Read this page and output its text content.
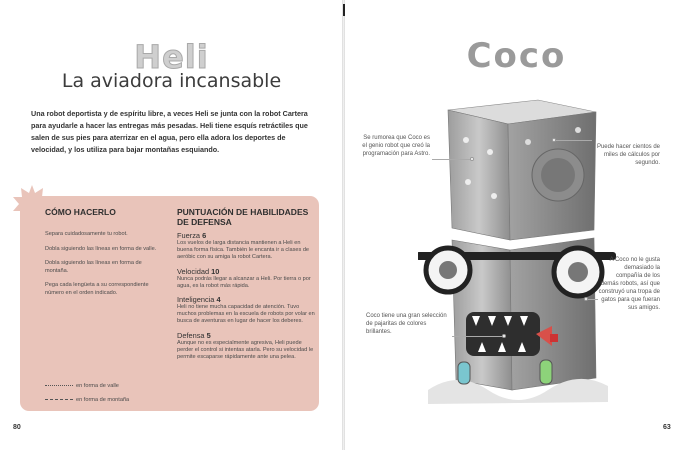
Heli
La aviadora incansable
Una robot deportista y de espíritu libre, a veces Heli se junta con la robot Cartera para ayudarle a hacer las entregas más pesadas. Heli tiene esquís retráctiles que salen de sus pies para aterrizar en el agua, pero ella adora los deportes de velocidad, y los utiliza para bajar montañas esquiando.
CÓMO HACERLO
Separa cuidadosamente tu robot.
Dobla siguiendo las líneas en forma de valle.
Dobla siguiendo las líneas en forma de montaña.
Pega cada lengüeta a su correspondiente número en el orden indicado.
en forma de valle
en forma de montaña
PUNTUACIÓN DE HABILIDADES DE DEFENSA
Fuerza 6
Los vuelos de larga distancia mantienen a Heli en buena forma física. También le encanta ir a clases de aeróbic con su amiga la robot Cartera.
Velocidad 10
Nunca podrás llegar a alcanzar a Heli. Por tierra o por agua, es la robot más rápida.
Inteligencia 4
Heli no tiene mucha capacidad de atención. Tuvo muchos problemas en la escuela de robots por volar en busca de aventuras en lugar de hacer los deberes.
Defensa 5
Aunque no es especialmente agresiva, Heli puede perder el control si intentas atarla. Pero su velocidad le permite escaparse rápidamente ante una pelea.
80
Coco
Se rumorea que Coco es el genio robot que creó la programación para Astro.
Puede hacer cientos de miles de cálculos por segundo.
Coco tiene una gran selección de pajaritas de colores brillantes.
A Coco no le gusta demasiado la compañía de los demás robots, así que construyó una tropa de gatos para que fueran sus amigos.
63
